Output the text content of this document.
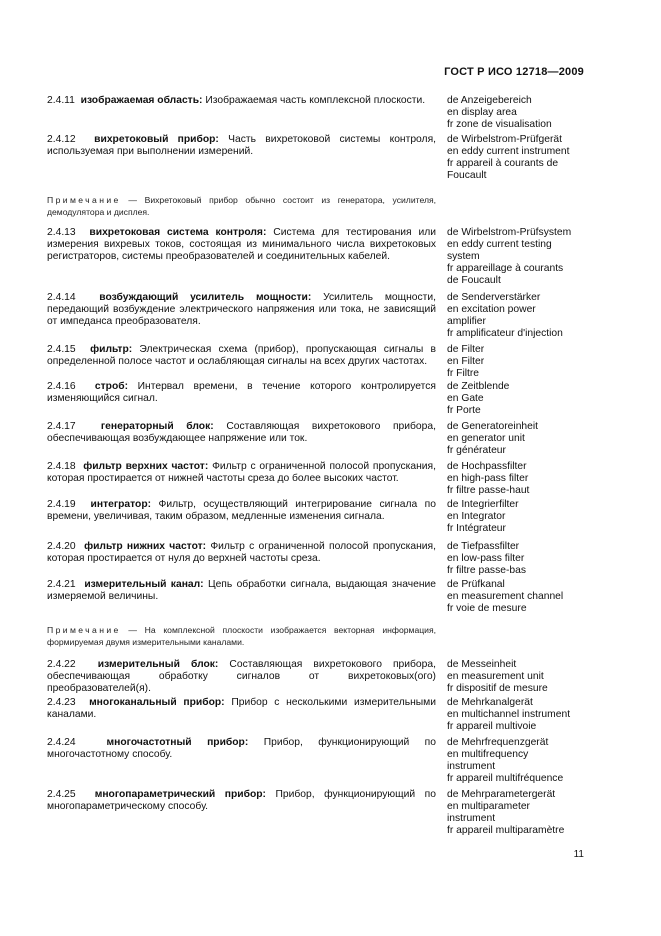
ГОСТ Р ИСО 12718—2009
2.4.11 изображаемая область: Изображаемая часть комплексной плоскости.	de Anzeigebereich
en display area
fr zone de visualisation
2.4.12 вихретоковый прибор: Часть вихретоковой системы контроля, используемая при выполнении измерений.
de Wirbelstrom-Prüfgerät
en eddy current instrument
fr appareil à courants de
Foucault
Примечание — Вихретоковый прибор обычно состоит из генератора, усилителя, демодулятора и дисплея.
2.4.13 вихретоковая система контроля: Система для тестирования или измерения вихревых токов, состоящая из минимального числа вихретоковых регистраторов, системы преобразователей и соединительных кабелей.
de Wirbelstrom-Prüfsystem
en eddy current testing
system
fr appareillage à courants
de Foucault
2.4.14 возбуждающий усилитель мощности: Усилитель мощности, передающий возбуждение электрического напряжения или тока, не зависящий от импеданса преобразователя.
de Senderverstärker
en excitation power
amplifier
fr amplificateur d'injection
2.4.15 фильтр: Электрическая схема (прибор), пропускающая сигналы в определенной полосе частот и ослабляющая сигналы на всех других частотах.
de Filter
en Filter
fr Filtre
2.4.16 строб: Интервал времени, в течение которого контролируется изменяющийся сигнал.
de Zeitblende
en Gate
fr Porte
2.4.17 генераторный блок: Составляющая вихретокового прибора, обеспечивающая возбуждающее напряжение или ток.
de Generatoreinheit
en generator unit
fr générateur
2.4.18 фильтр верхних частот: Фильтр с ограниченной полосой пропускания, которая простирается от нижней частоты среза до более высоких частот.
de Hochpassfilter
en high-pass filter
fr filtre passe-haut
2.4.19 интегратор: Фильтр, осуществляющий интегрирование сигнала по времени, увеличивая, таким образом, медленные изменения сигнала.
de Integrierfilter
en Integrator
fr Intégrateur
2.4.20 фильтр нижних частот: Фильтр с ограниченной полосой пропускания, которая простирается от нуля до верхней частоты среза.
de Tiefpassfilter
en low-pass filter
fr filtre passe-bas
2.4.21 измерительный канал: Цепь обработки сигнала, выдающая значение измеряемой величины.
de Prüfkanal
en measurement channel
fr voie de mesure
Примечание — На комплексной плоскости изображается векторная информация, формируемая двумя измерительными каналами.
2.4.22 измерительный блок: Составляющая вихретокового прибора, обеспечивающая обработку сигналов от вихретоковых(ого) преобразователей(я).
de Messeinheit
en measurement unit
fr dispositif de mesure
2.4.23 многоканальный прибор: Прибор с несколькими измерительными каналами.
de Mehrkanalgerät
en multichannel instrument
fr appareil multivoie
2.4.24	многочастотный прибор: Прибор, функционирующий по многочастотному способу.
de Mehrfrequenzgerät
en multifrequency
instrument
fr appareil multifréquence
2.4.25 многопараметрический прибор: Прибор, функционирующий по многопараметрическому способу.
de Mehrparametergerät
en multiparameter
instrument
fr appareil multiparamètre
11
